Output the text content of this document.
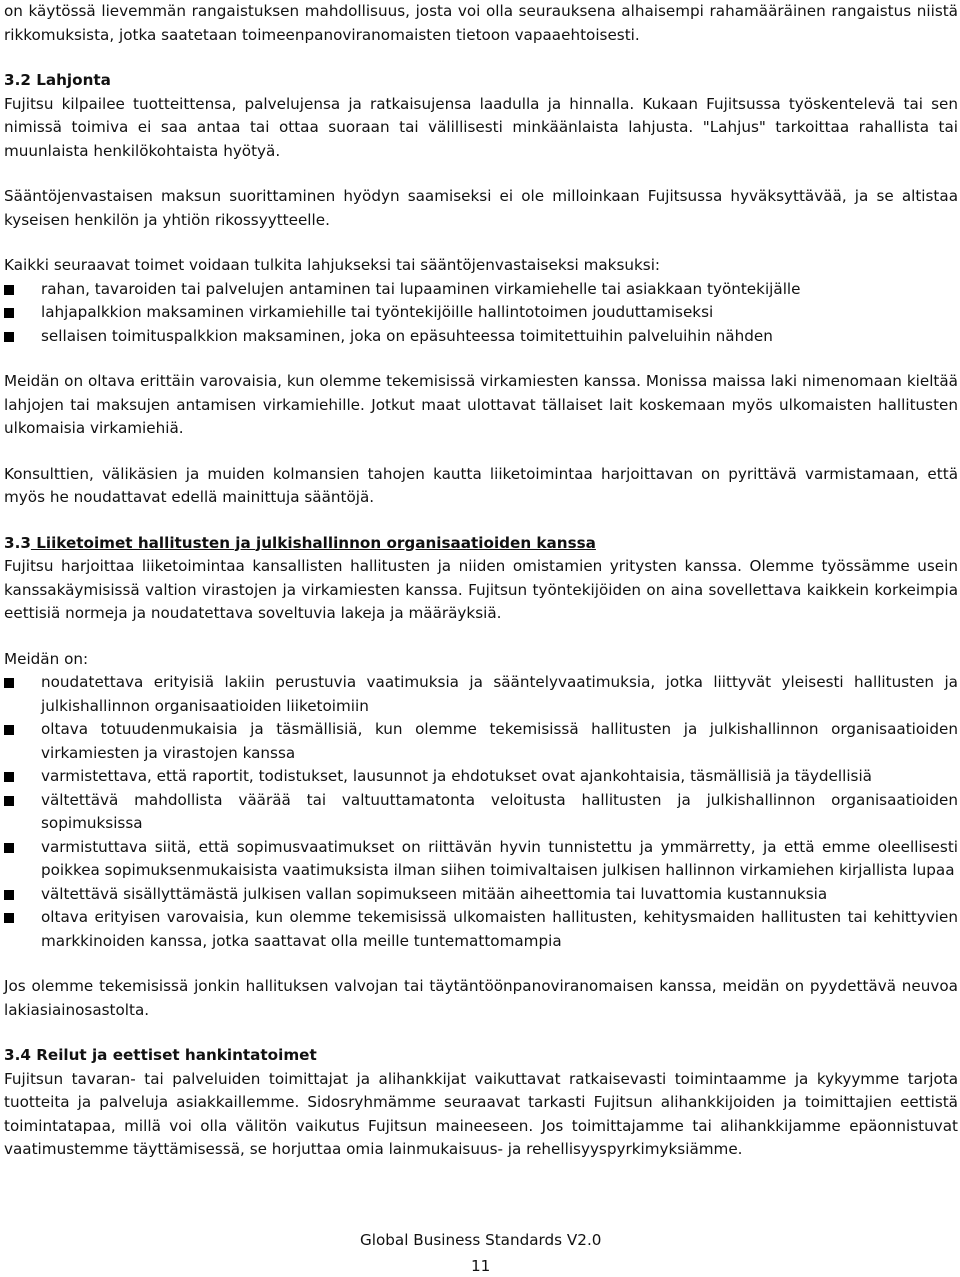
on käytössä lievemmän rangaistuksen mahdollisuus, josta voi olla seurauksena alhaisempi rahamääräinen rangaistus niistä rikkomuksista, jotka saatetaan toimeenpanoviranomaisten tietoon vapaaehtoisesti.

3.2 Lahjonta

Fujitsu kilpailee tuotteittensa, palvelujensa ja ratkaisujensa laadulla ja hinnalla. Kukaan Fujitsussa työskentelevä tai sen nimissä toimiva ei saa antaa tai ottaa suoraan tai välillisesti minkäänlaista lahjusta. "Lahjus" tarkoittaa rahallista tai muunlaista henkilökohtaista hyötyä.

Sääntöjenvastaisen maksun suorittaminen hyödyn saamiseksi ei ole milloinkaan Fujitsussa hyväksyttävää, ja se altistaa kyseisen henkilön ja yhtiön rikossyytteelle.

Kaikki seuraavat toimet voidaan tulkita lahjukseksi tai sääntöjenvastaiseksi maksuksi:

rahan, tavaroiden tai palvelujen antaminen tai lupaaminen virkamiehelle tai asiakkaan työntekijälle
lahjapalkkion maksaminen virkamiehille tai työntekijöille hallintotoimen jouduttamiseksi
sellaisen toimituspalkkion maksaminen, joka on epäsuhteessa toimitettuihin palveluihin nähden

Meidän on oltava erittäin varovaisia, kun olemme tekemisissä virkamiesten kanssa. Monissa maissa laki nimenomaan kieltää lahjojen tai maksujen antamisen virkamiehille. Jotkut maat ulottavat tällaiset lait koskemaan myös ulkomaisten hallitusten ulkomaisia virkamiehiä.

Konsulttien, välikäsien ja muiden kolmansien tahojen kautta liiketoimintaa harjoittavan on pyrittävä varmistamaan, että myös he noudattavat edellä mainittuja sääntöjä.

3.3 Liiketoimet hallitusten ja julkishallinnon organisaatioiden kanssa

Fujitsu harjoittaa liiketoimintaa kansallisten hallitusten ja niiden omistamien yritysten kanssa. Olemme työssämme usein kanssakäymisissä valtion virastojen ja virkamiesten kanssa. Fujitsun työntekijöiden on aina sovellettava kaikkein korkeimpia eettisiä normeja ja noudatettava soveltuvia lakeja ja määräyksiä.

Meidän on:

noudatettava erityisiä lakiin perustuvia vaatimuksia ja sääntelyvaatimuksia, jotka liittyvät yleisesti hallitusten ja julkishallinnon organisaatioiden liiketoimiin
oltava totuudenmukaisia ja täsmällisiä, kun olemme tekemisissä hallitusten ja julkishallinnon organisaatioiden virkamiesten ja virastojen kanssa
varmistettava, että raportit, todistukset, lausunnot ja ehdotukset ovat ajankohtaisia, täsmällisiä ja täydellisiä
vältettävä mahdollista väärää tai valtuuttamatonta veloitusta hallitusten ja julkishallinnon organisaatioiden sopimuksissa
varmistuttava siitä, että sopimusvaatimukset on riittävän hyvin tunnistettu ja ymmärretty, ja että emme oleellisesti poikkea sopimuksenmukaisista vaatimuksista ilman siihen toimivaltaisen julkisen hallinnon virkamiehen kirjallista lupaa
vältettävä sisällyttämästä julkisen vallan sopimukseen mitään aiheettomia tai luvattomia kustannuksia
oltava erityisen varovaisia, kun olemme tekemisissä ulkomaisten hallitusten, kehitysmaiden hallitusten tai kehittyvien markkinoiden kanssa, jotka saattavat olla meille tuntemattomampia

Jos olemme tekemisissä jonkin hallituksen valvojan tai täytäntöönpanoviranomaisen kanssa, meidän on pyydettävä neuvoa lakiasiainosastolta.

3.4 Reilut ja eettiset hankintatoimet

Fujitsun tavaran- tai palveluiden toimittajat ja alihankkijat vaikuttavat ratkaisevasti toimintaamme ja kykyymme tarjota tuotteita ja palveluja asiakkaillemme. Sidosryhmämme seuraavat tarkasti Fujitsun alihankkijoiden ja toimittajien eettistä toimintatapaa, millä voi olla välitön vaikutus Fujitsun maineeseen. Jos toimittajamme tai alihankkijamme epäonnistuvat vaatimustemme täyttämisessä, se horjuttaa omia lainmukaisuus- ja rehellisyyspyrkimyksiämme.

Global Business Standards V2.0
11
